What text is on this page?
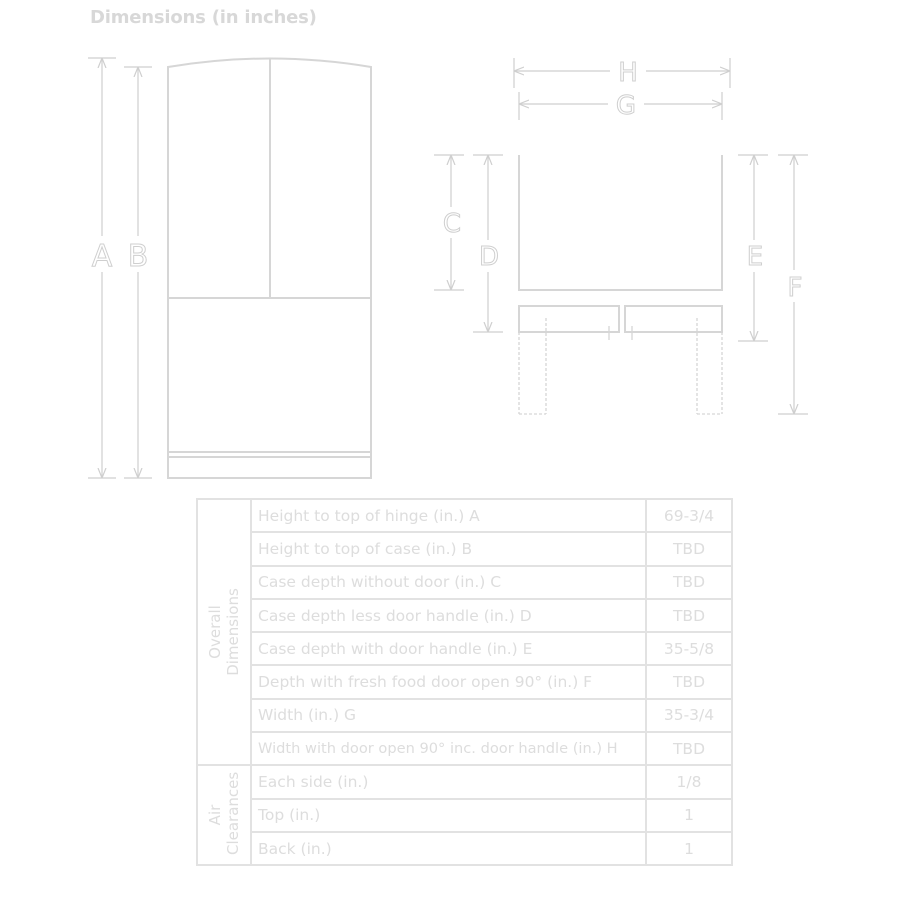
Dimensions (in inches)
A B
H
G
C
D	E
F
Overall Dimensions	Height to top of hinge (in.) A	69-3/4
	Height to top of case (in.) B	TBD
	Case depth without door (in.) C	TBD
	Case depth less door handle (in.) D	TBD
	Case depth with door handle (in.) E	35-5/8
	Depth with fresh food door open 90° (in.) F	TBD
	Width (in.) G	35-3/4
	Width with door open 90° inc. door handle (in.) H	TBD

Air Clearances	Each side (in.)	1/8
	Top (in.)	1
	Back (in.)	1
